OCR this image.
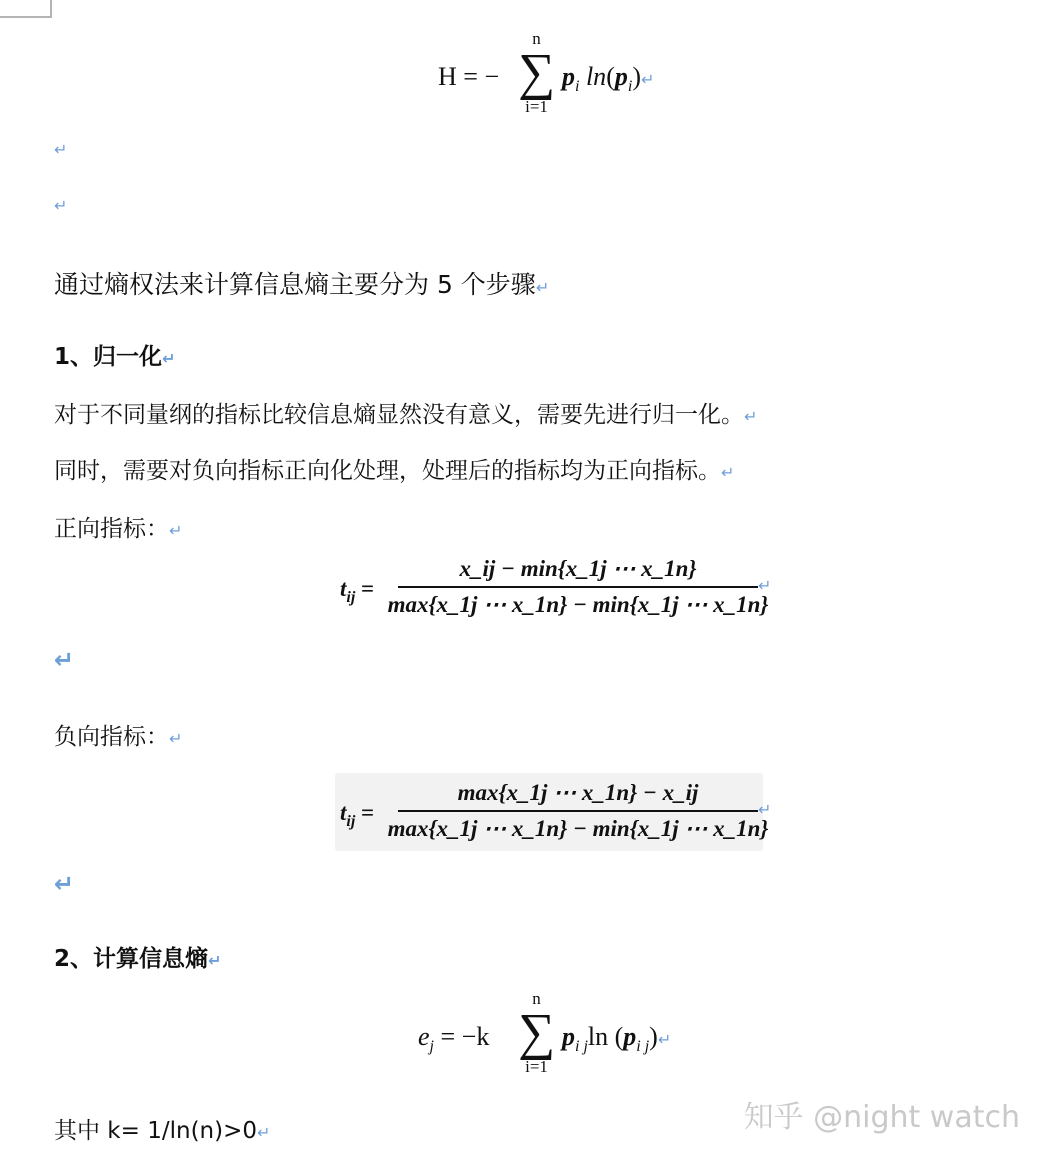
H = −
n
∑
i=1
$p_i$ $\ln(p_i)↵$
↵
↵
通过熵权法来计算信息熵主要分为 5 个步骤↵
1、归一化↵
对于不同量纲的指标比较信息熵显然没有意义，需要先进行归一化。↵
同时，需要对负向指标正向化处理，处理后的指标均为正向指标。↵
正向指标：↵
$t_{ij}$ =
x_ij − min{x_1j ⋯ x_1n}
max{x_1j ⋯ x_1n} − min{x_1j ⋯ x_1n}
↵
↵
负向指标：↵
$t_{ij}$ =
max{x_1j ⋯ x_1n} − x_ij
max{x_1j ⋯ x_1n} − min{x_1j ⋯ x_1n}
↵
↵
2、计算信息熵↵
$e_j = -k$
n
∑
i=1
$p_{i j}\ln$ $(p_{i j})↵$
其中 k= 1/ln(n)>0↵	知乎 @night watch
